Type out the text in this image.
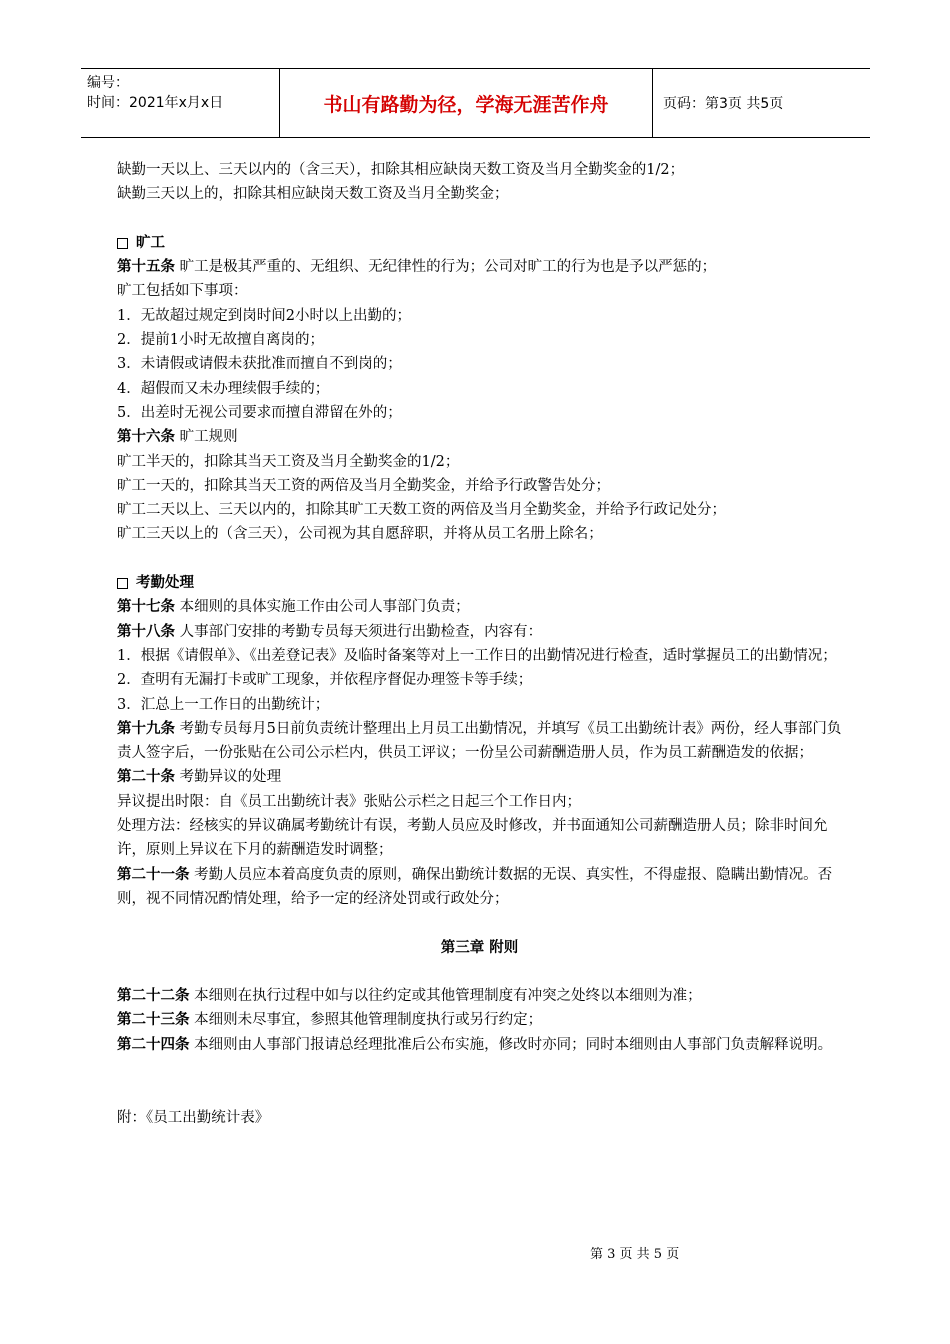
编号：
时间：2021年x月x日	书山有路勤为径，学海无涯苦作舟	页码：第3页 共5页
缺勤一天以上、三天以内的（含三天），扣除其相应缺岗天数工资及当月全勤奖金的1/2；
缺勤三天以上的，扣除其相应缺岗天数工资及当月全勤奖金；
旷工
第十五条 旷工是极其严重的、无组织、无纪律性的行为；公司对旷工的行为也是予以严惩的；
旷工包括如下事项：
1．无故超过规定到岗时间2小时以上出勤的；
2．提前1小时无故擅自离岗的；
3．未请假或请假未获批准而擅自不到岗的；
4．超假而又未办理续假手续的；
5．出差时无视公司要求而擅自滞留在外的；
第十六条 旷工规则
旷工半天的，扣除其当天工资及当月全勤奖金的1/2；
旷工一天的，扣除其当天工资的两倍及当月全勤奖金，并给予行政警告处分；
旷工二天以上、三天以内的，扣除其旷工天数工资的两倍及当月全勤奖金，并给予行政记处分；
旷工三天以上的（含三天），公司视为其自愿辞职，并将从员工名册上除名；
考勤处理
第十七条 本细则的具体实施工作由公司人事部门负责；
第十八条 人事部门安排的考勤专员每天须进行出勤检查，内容有：
1．根据《请假单》、《出差登记表》及临时备案等对上一工作日的出勤情况进行检查，适时掌握员工的出勤情况；
2．查明有无漏打卡或旷工现象，并依程序督促办理签卡等手续；
3．汇总上一工作日的出勤统计；
第十九条 考勤专员每月5日前负责统计整理出上月员工出勤情况，并填写《员工出勤统计表》两份，经人事部门负责人签字后，一份张贴在公司公示栏内，供员工评议；一份呈公司薪酬造册人员，作为员工薪酬造发的依据；
第二十条 考勤异议的处理
异议提出时限：自《员工出勤统计表》张贴公示栏之日起三个工作日内；
处理方法：经核实的异议确属考勤统计有误，考勤人员应及时修改，并书面通知公司薪酬造册人员；除非时间允许，原则上异议在下月的薪酬造发时调整；
第二十一条 考勤人员应本着高度负责的原则，确保出勤统计数据的无误、真实性，不得虚报、隐瞒出勤情况。否则，视不同情况酌情处理，给予一定的经济处罚或行政处分；
第三章 附则
第二十二条 本细则在执行过程中如与以往约定或其他管理制度有冲突之处终以本细则为准；
第二十三条 本细则未尽事宜，参照其他管理制度执行或另行约定；
第二十四条 本细则由人事部门报请总经理批准后公布实施，修改时亦同；同时本细则由人事部门负责解释说明。
附：《员工出勤统计表》
第 3 页 共 5 页
